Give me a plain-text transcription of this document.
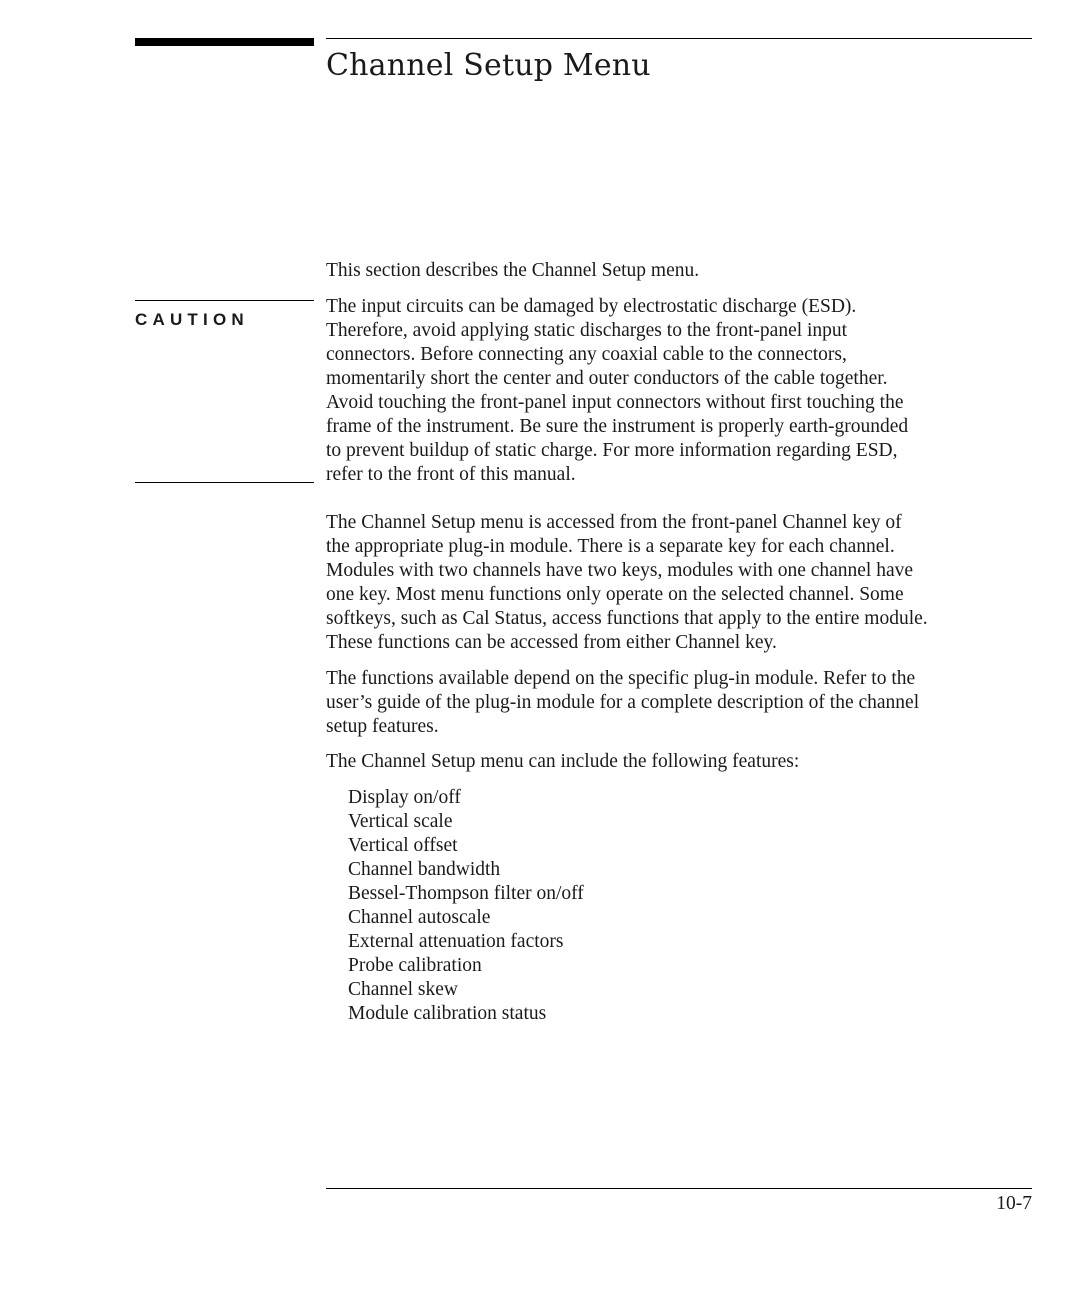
Channel Setup Menu

This section describes the Channel Setup menu.

CAUTION

The input circuits can be damaged by electrostatic discharge (ESD).
Therefore, avoid applying static discharges to the front-panel input
connectors. Before connecting any coaxial cable to the connectors,
momentarily short the center and outer conductors of the cable together.
Avoid touching the front-panel input connectors without first touching the
frame of the instrument. Be sure the instrument is properly earth-grounded
to prevent buildup of static charge. For more information regarding ESD,
refer to the front of this manual.

The Channel Setup menu is accessed from the front-panel Channel key of
the appropriate plug-in module. There is a separate key for each channel.
Modules with two channels have two keys, modules with one channel have
one key. Most menu functions only operate on the selected channel. Some
softkeys, such as Cal Status, access functions that apply to the entire module.
These functions can be accessed from either Channel key.

The functions available depend on the specific plug-in module. Refer to the
user’s guide of the plug-in module for a complete description of the channel
setup features.

The Channel Setup menu can include the following features:

Display on/off
Vertical scale
Vertical offset
Channel bandwidth
Bessel-Thompson filter on/off
Channel autoscale
External attenuation factors
Probe calibration
Channel skew
Module calibration status
10-7
